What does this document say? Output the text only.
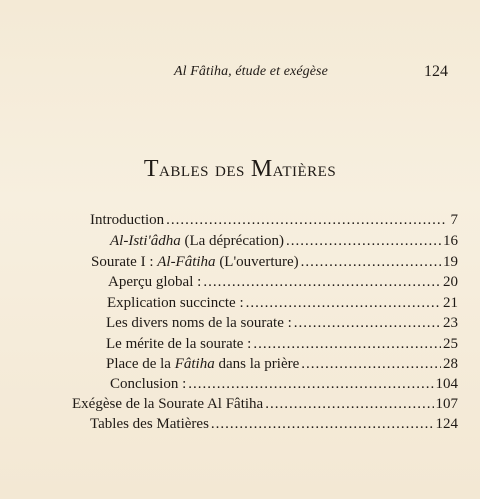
Al Fâtiha, étude et exégèse	124
Tables des Matières
Introduction .....	7
Al-Isti'âdha (La déprécation) .....	16
Sourate I : Al-Fâtiha (L'ouverture) .....	19
Aperçu global : .....	20
Explication succincte : .....	21
Les divers noms de la sourate : .....	23
Le mérite de la sourate : .....	25
Place de la Fâtiha dans la prière .....	28
Conclusion : .....	104
Exégèse de la Sourate Al Fâtiha .....	107
Tables des Matières .....	124
